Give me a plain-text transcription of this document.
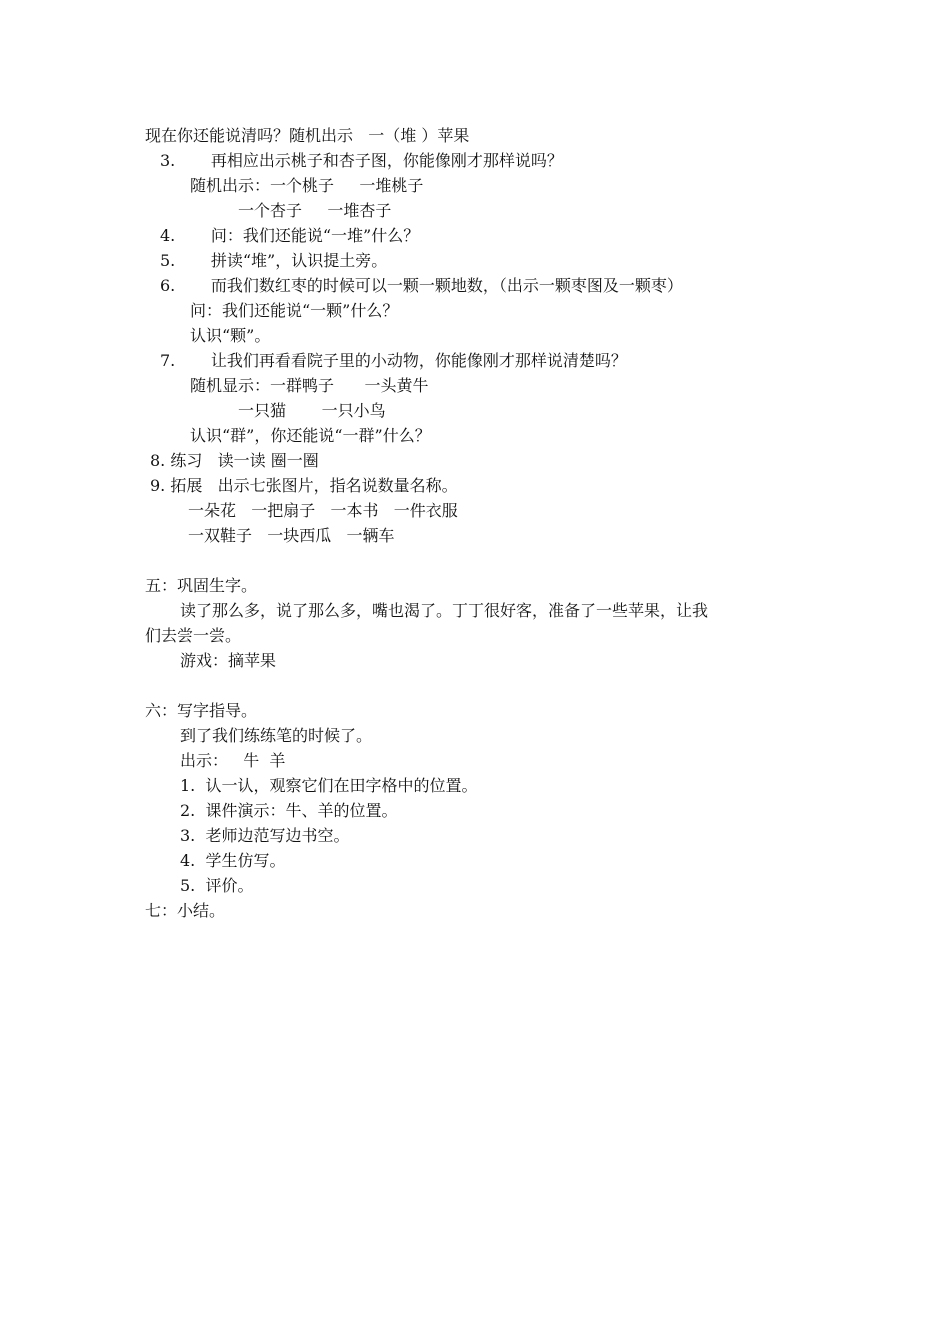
现在你还能说清吗？随机出示   一（堆 ）苹果
3.       再相应出示桃子和杏子图，你能像刚才那样说吗？
随机出示：一个桃子     一堆桃子
一个杏子     一堆杏子
4.       问：我们还能说“一堆”什么？
5.       拼读“堆”，认识提土旁。
6.       而我们数红枣的时候可以一颗一颗地数，（出示一颗枣图及一颗枣）
问：我们还能说“一颗”什么？
认识“颗”。
7.       让我们再看看院子里的小动物，你能像刚才那样说清楚吗？
随机显示：一群鸭子      一头黄牛
一只猫       一只小鸟
认识“群”，你还能说“一群”什么？
8. 练习   读一读 圈一圈
9. 拓展   出示七张图片，指名说数量名称。
一朵花   一把扇子   一本书   一件衣服
一双鞋子   一块西瓜   一辆车
五：巩固生字。
读了那么多，说了那么多，嘴也渴了。丁丁很好客，准备了一些苹果，让我
们去尝一尝。
游戏：摘苹果
六：写字指导。
到了我们练练笔的时候了。
出示：   牛  羊
1.  认一认，观察它们在田字格中的位置。
2.  课件演示：牛、羊的位置。
3.  老师边范写边书空。
4.  学生仿写。
5.  评价。
七：小结。
